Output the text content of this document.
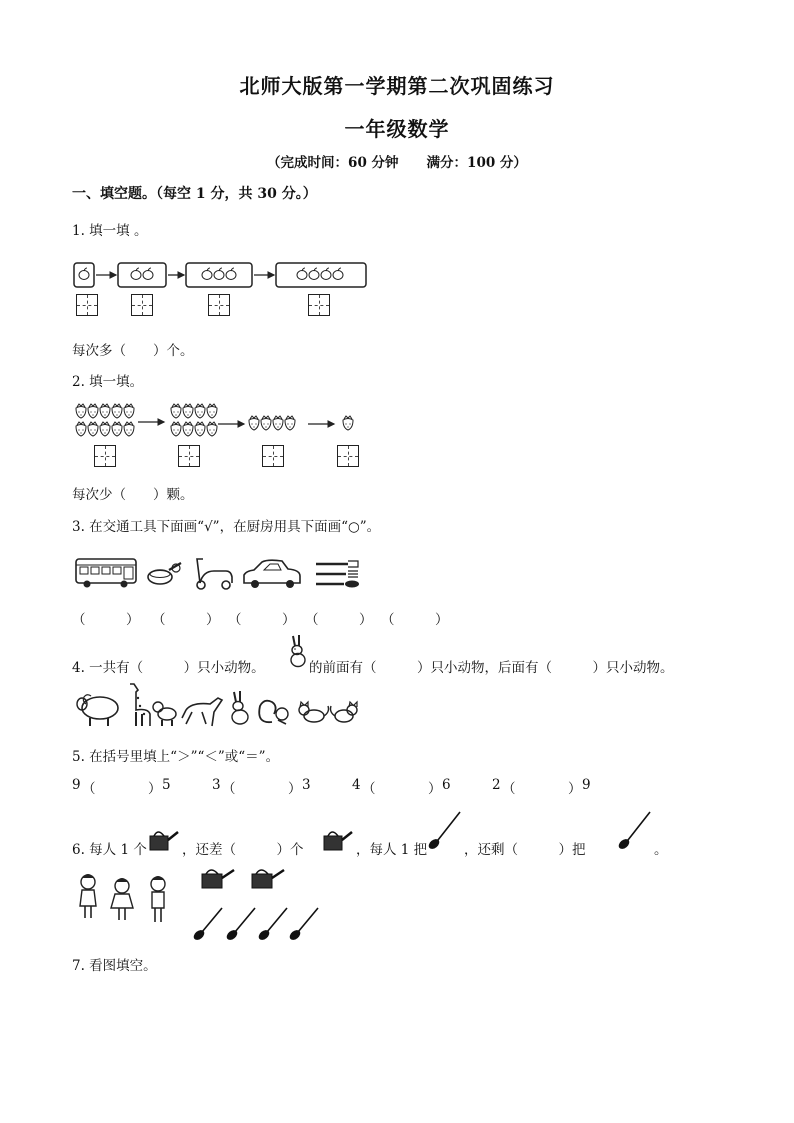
北师大版第一学期第二次巩固练习
一年级数学
（完成时间：60 分钟 满分：100 分）
一、填空题。（每空 1 分，共 30 分。）
1. 填一填 。
每次多（　　）个。
2. 填一填。
每次少（　　）颗。
3. 在交通工具下面画“√”，在厨房用具下面画“○”。
（　　　） （　　　） （　　　） （　　　） （　　　）
4. 一共有（　　　）只小动物。	的前面有（　　　）只小动物，后面有（　　　）只小动物。
5. 在括号里填上“＞”“＜”或“＝”。
9 （	） 5	3 （	） 3	4 （	） 6	2 （	） 9
6. 每人 1 个	，还差（　　　）个	，每人 1 把	，还剩（　　　）把	。
7. 看图填空。
